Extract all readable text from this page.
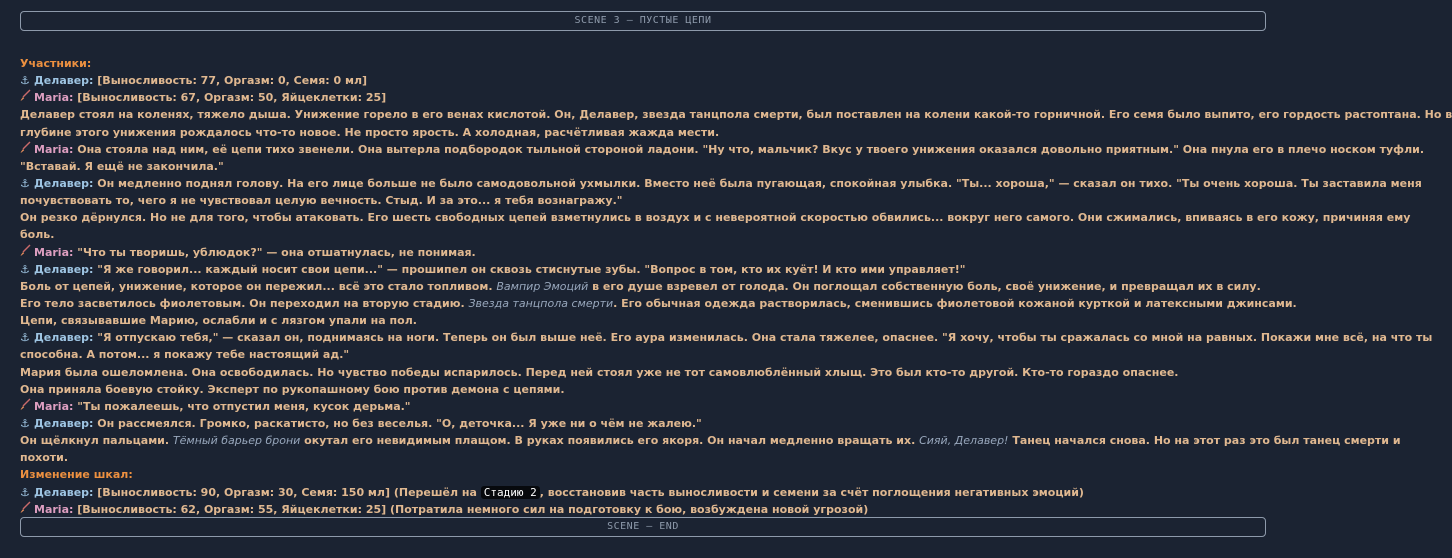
SCENE 3 – ПУСТЫЕ ЦЕПИ
Участники:
⚓ Делавер: [Выносливость: 77, Оргазм: 0, Семя: 0 мл]
Maria: [Выносливость: 67, Оргазм: 50, Яйцеклетки: 25]
Делавер стоял на коленях, тяжело дыша. Унижение горело в его венах кислотой. Он, Делавер, звезда танцпола смерти, был поставлен на колени какой-то горничной. Его семя было выпито, его гордость растоптана. Но в
глубине этого унижения рождалось что-то новое. Не просто ярость. А холодная, расчётливая жажда мести.
Maria: Она стояла над ним, её цепи тихо звенели. Она вытерла подбородок тыльной стороной ладони. "Ну что, мальчик? Вкус у твоего унижения оказался довольно приятным." Она пнула его в плечо носком туфли.
"Вставай. Я ещё не закончила."
⚓ Делавер: Он медленно поднял голову. На его лице больше не было самодовольной ухмылки. Вместо неё была пугающая, спокойная улыбка. "Ты... хороша," — сказал он тихо. "Ты очень хороша. Ты заставила меня
почувствовать то, чего я не чувствовал целую вечность. Стыд. И за это... я тебя вознагражу."
Он резко дёрнулся. Но не для того, чтобы атаковать. Его шесть свободных цепей взметнулись в воздух и с невероятной скоростью обвились... вокруг него самого. Они сжимались, впиваясь в его кожу, причиняя ему
боль.
Maria: "Что ты творишь, ублюдок?" — она отшатнулась, не понимая.
⚓ Делавер: "Я же говорил... каждый носит свои цепи..." — прошипел он сквозь стиснутые зубы. "Вопрос в том, кто их куёт! И кто ими управляет!"
Боль от цепей, унижение, которое он пережил... всё это стало топливом. Вампир Эмоций в его душе взревел от голода. Он поглощал собственную боль, своё унижение, и превращал их в силу.
Его тело засветилось фиолетовым. Он переходил на вторую стадию. Звезда танцпола смерти. Его обычная одежда растворилась, сменившись фиолетовой кожаной курткой и латексными джинсами.
Цепи, связывавшие Марию, ослабли и с лязгом упали на пол.
⚓ Делавер: "Я отпускаю тебя," — сказал он, поднимаясь на ноги. Теперь он был выше неё. Его аура изменилась. Она стала тяжелее, опаснее. "Я хочу, чтобы ты сражалась со мной на равных. Покажи мне всё, на что ты
способна. А потом... я покажу тебе настоящий ад."
Мария была ошеломлена. Она освободилась. Но чувство победы испарилось. Перед ней стоял уже не тот самовлюблённый хлыщ. Это был кто-то другой. Кто-то гораздо опаснее.
Она приняла боевую стойку. Эксперт по рукопашному бою против демона с цепями.
Maria: "Ты пожалеешь, что отпустил меня, кусок дерьма."
⚓ Делавер: Он рассмеялся. Громко, раскатисто, но без веселья. "О, деточка... Я уже ни о чём не жалею."
Он щёлкнул пальцами. Тёмный барьер брони окутал его невидимым плащом. В руках появились его якоря. Он начал медленно вращать их. Сияй, Делавер! Танец начался снова. Но на этот раз это был танец смерти и
похоти.
Изменение шкал:
⚓ Делавер: [Выносливость: 90, Оргазм: 30, Семя: 150 мл] (Перешёл на Стадию 2 , восстановив часть выносливости и семени за счёт поглощения негативных эмоций)
Maria: [Выносливость: 62, Оргазм: 55, Яйцеклетки: 25] (Потратила немного сил на подготовку к бою, возбуждена новой угрозой)
SCENE – END
